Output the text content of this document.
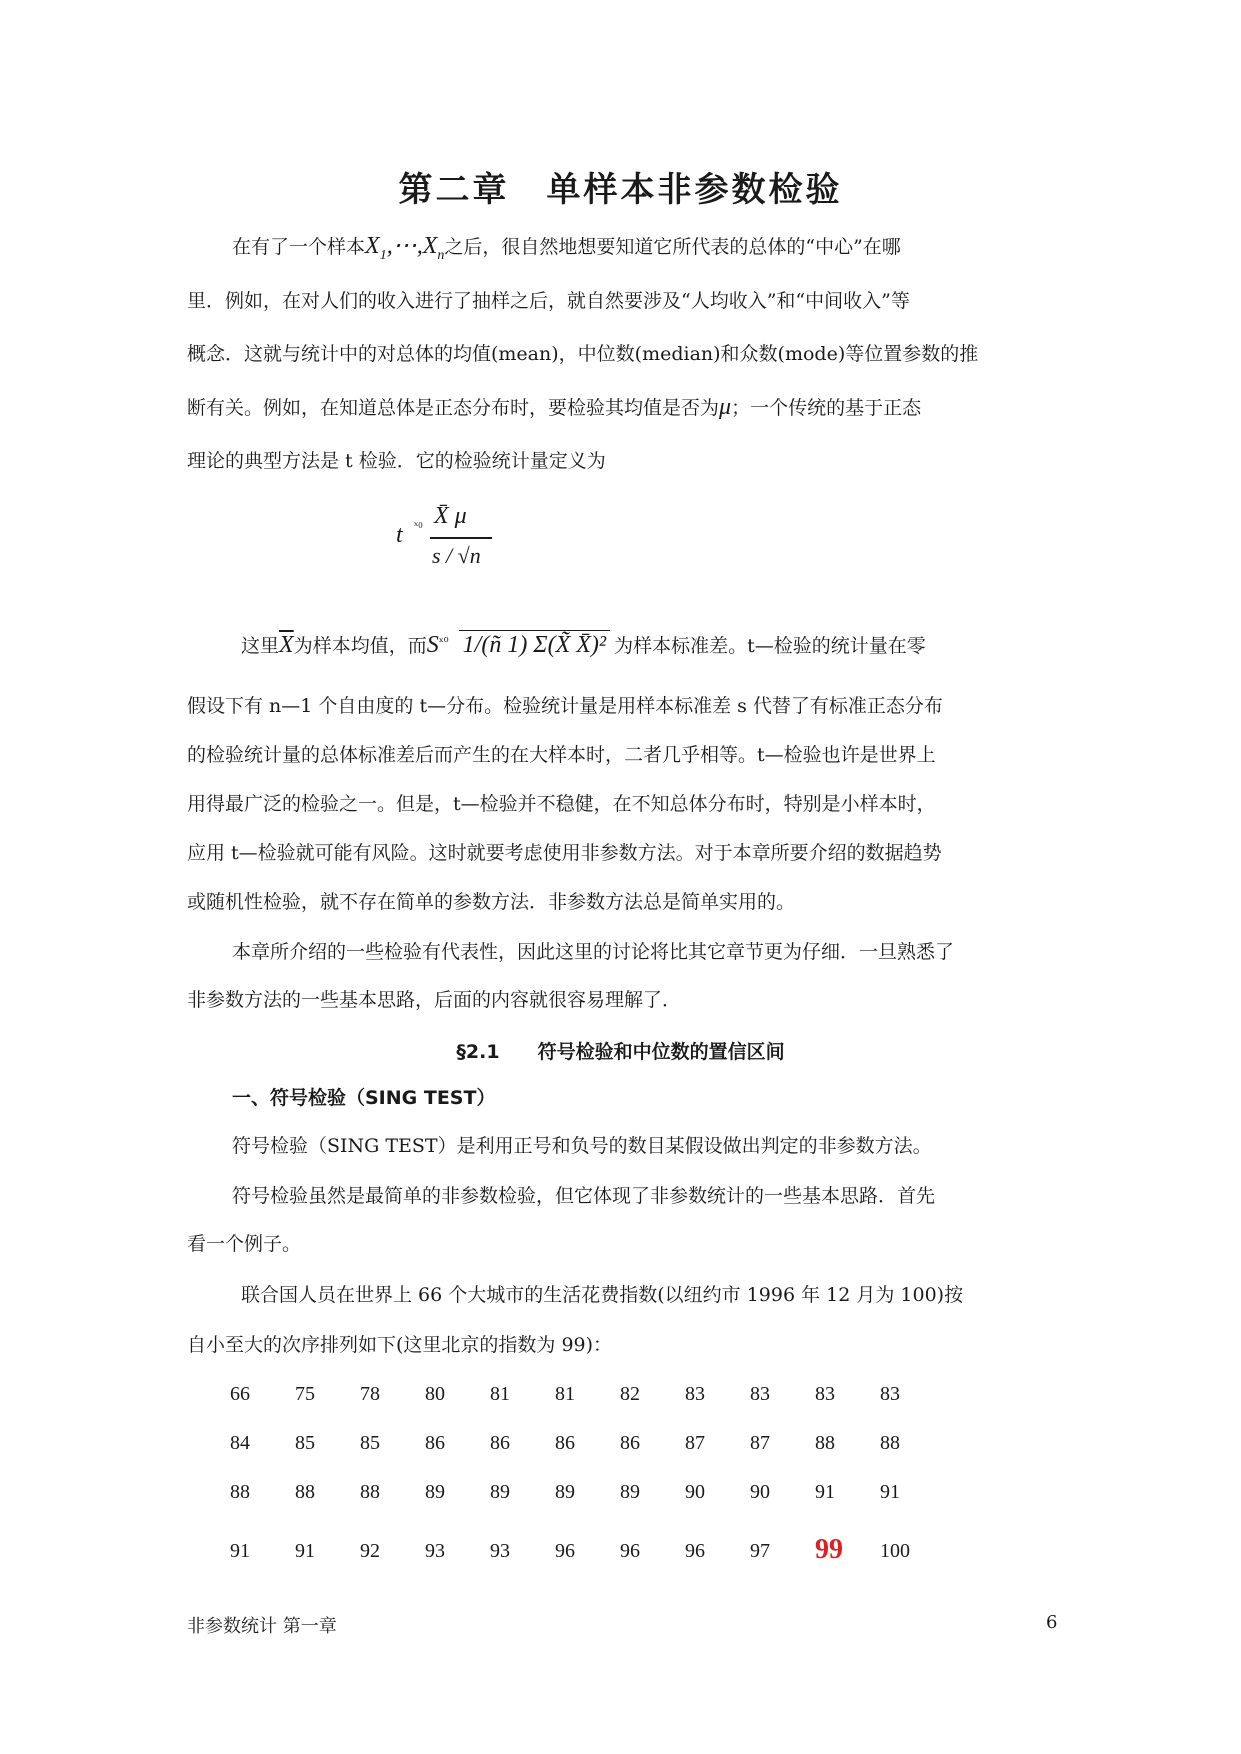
第二章　单样本非参数检验
在有了一个样本$X_1,\cdots,X_n$之后，很自然地想要知道它所代表的总体的“中心”在哪
里．例如，在对人们的收入进行了抽样之后，就自然要涉及“人均收入”和“中间收入”等
概念．这就与统计中的对总体的均值(mean)，中位数(median)和众数(mode)等位置参数的推
断有关。例如，在知道总体是正态分布时，要检验其均值是否为μ；一个传统的基于正态
理论的典型方法是 t 检验．它的检验统计量定义为
t
ₓ₀ X̄ μ
s / √n
这里$\overline{X}$为样本均值，而$S^{_{x0}}$ 1/(ñ 1) Σ(X̃ X̄)² 为样本标准差。t—检验的统计量在零
假设下有 n—1 个自由度的 t—分布。检验统计量是用样本标准差 s 代替了有标准正态分布
的检验统计量的总体标准差后而产生的在大样本时，二者几乎相等。t—检验也许是世界上
用得最广泛的检验之一。但是，t—检验并不稳健，在不知总体分布时，特别是小样本时，
应用 t—检验就可能有风险。这时就要考虑使用非参数方法。对于本章所要介绍的数据趋势
或随机性检验，就不存在简单的参数方法．非参数方法总是简单实用的。
本章所介绍的一些检验有代表性，因此这里的讨论将比其它章节更为仔细．一旦熟悉了
非参数方法的一些基本思路，后面的内容就很容易理解了．
§2.1　　符号检验和中位数的置信区间
一、符号检验（SING TEST）
符号检验（SING TEST）是利用正号和负号的数目某假设做出判定的非参数方法。
符号检验虽然是最简单的非参数检验，但它体现了非参数统计的一些基本思路．首先
看一个例子。
联合国人员在世界上 66 个大城市的生活花费指数(以纽约市 1996 年 12 月为 100)按
自小至大的次序排列如下(这里北京的指数为 99)：
66 75 78 80 81 81 82 83 83 83 83
84 85 85 86 86 86 86 87 87 88 88
88 88 88 89 89 89 89 90 90 91 91
91 91 92 93 93 96 96 96 97 99 100
非参数统计 第一章	6
